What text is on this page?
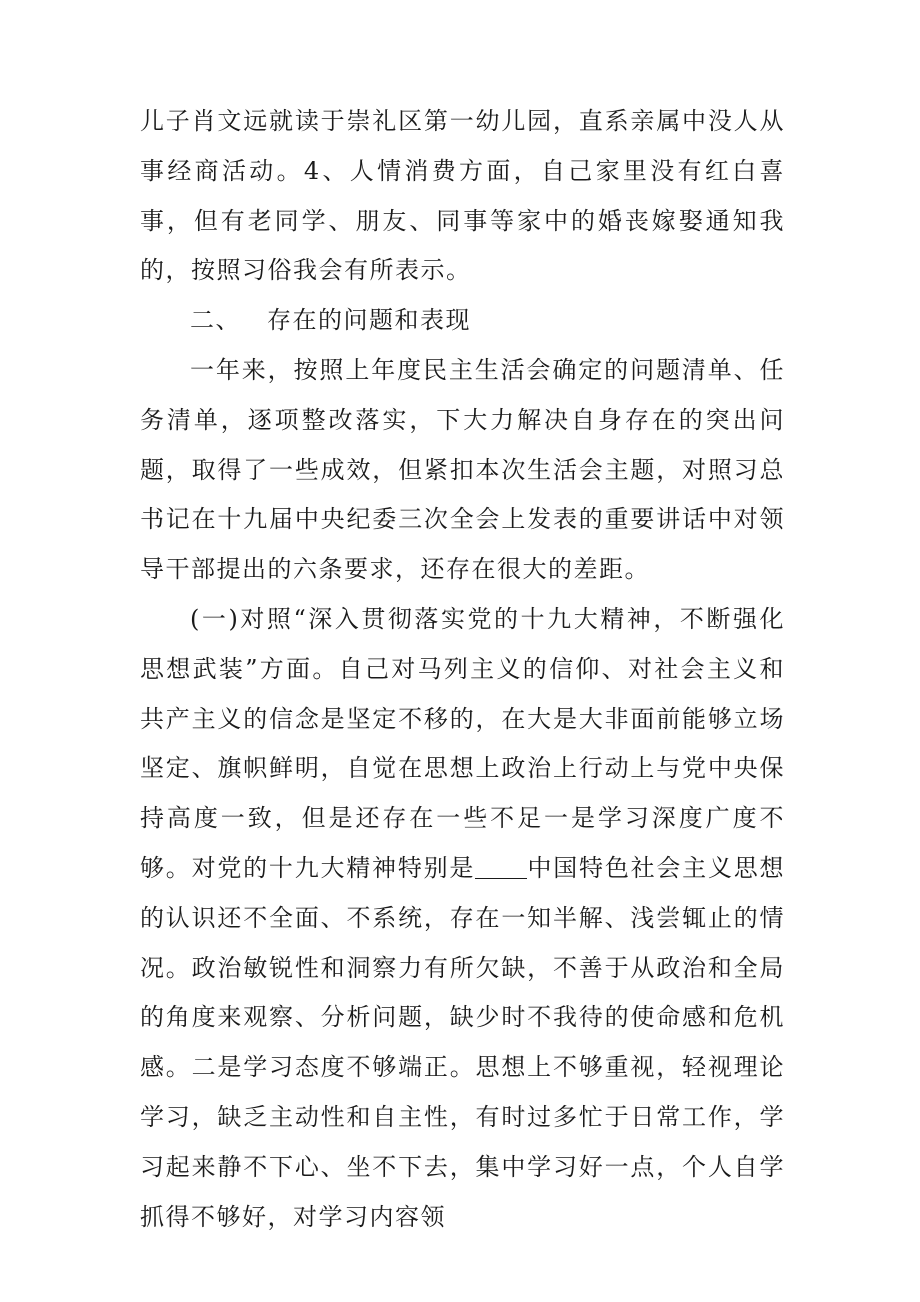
儿子肖文远就读于崇礼区第一幼儿园，直系亲属中没人从事经商活动。4、人情消费方面，自己家里没有红白喜事，但有老同学、朋友、同事等家中的婚丧嫁娶通知我的，按照习俗我会有所表示。

二、 存在的问题和表现

一年来，按照上年度民主生活会确定的问题清单、任务清单，逐项整改落实，下大力解决自身存在的突出问题，取得了一些成效，但紧扣本次生活会主题，对照习总书记在十九届中央纪委三次全会上发表的重要讲话中对领导干部提出的六条要求，还存在很大的差距。

(一)对照“深入贯彻落实党的十九大精神，不断强化思想武装”方面。自己对马列主义的信仰、对社会主义和共产主义的信念是坚定不移的，在大是大非面前能够立场坚定、旗帜鲜明，自觉在思想上政治上行动上与党中央保持高度一致，但是还存在一些不足一是学习深度广度不够。对党的十九大精神特别是 中国特色社会主义思想的认识还不全面、不系统，存在一知半解、浅尝辄止的情况。政治敏锐性和洞察力有所欠缺，不善于从政治和全局的角度来观察、分析问题，缺少时不我待的使命感和危机感。二是学习态度不够端正。思想上不够重视，轻视理论学习，缺乏主动性和自主性，有时过多忙于日常工作，学习起来静不下心、坐不下去，集中学习好一点，个人自学抓得不够好，对学习内容领
